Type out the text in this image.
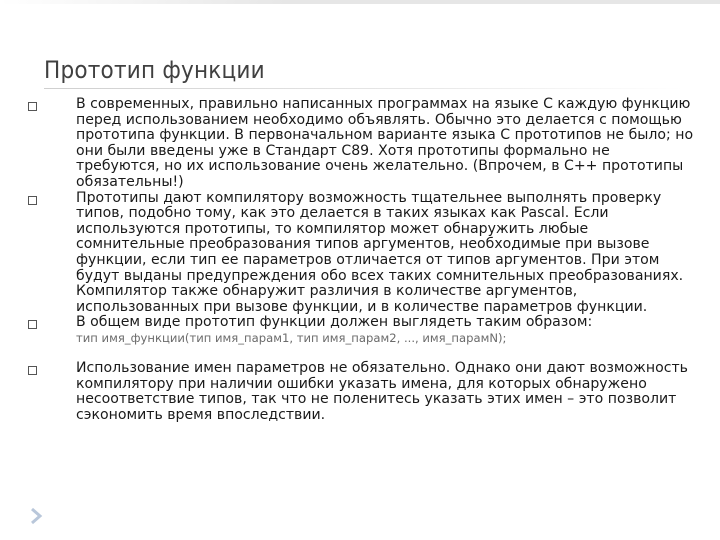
Прототип функции
В современных, правильно написанных программах на языке С каждую функцию перед использованием необходимо объявлять. Обычно это делается с помощью прототипа функции. В первоначальном варианте языка С прототипов не было; но они были введены уже в Стандарт С89. Хотя прототипы формально не требуются, но их использование очень желательно. (Впрочем, в С++ прототипы обязательны!)
Прототипы дают компилятору возможность тщательнее выполнять проверку типов, подобно тому, как это делается в таких языках как Pascal. Если используются прототипы, то компилятор может обнаружить любые сомнительные преобразования типов аргументов, необходимые при вызове функции, если тип ее параметров отличается от типов аргументов. При этом будут выданы предупреждения обо всех таких сомнительных преобразованиях. Компилятор также обнаружит различия в количестве аргументов, использованных при вызове функции, и в количестве параметров функции.
В общем виде прототип функции должен выглядеть таким образом:
тип имя_функции(тип имя_парам1, тип имя_парам2, ..., имя_парамN);
Использование имен параметров не обязательно. Однако они дают возможность компилятору при наличии ошибки указать имена, для которых обнаружено несоответствие типов, так что не поленитесь указать этих имен – это позволит сэкономить время впоследствии.
